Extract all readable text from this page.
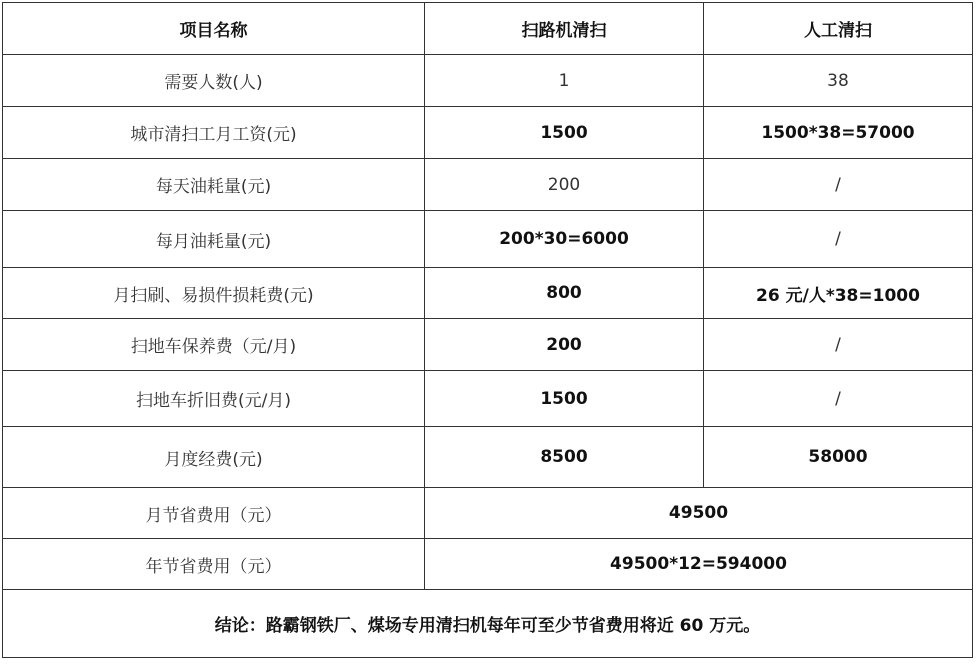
项目名称	扫路机清扫	人工清扫
需要人数(人)	1	38
城市清扫工月工资(元)	1500	1500*38=57000
每天油耗量(元)	200	/
每月油耗量(元)	200*30=6000	/
月扫刷、易损件损耗费(元)	800	26 元/人*38=1000
扫地车保养费（元/月)	200	/
扫地车折旧费(元/月)	1500	/
月度经费(元)	8500	58000
月节省费用（元）	49500	
年节省费用（元）	49500*12=594000	
结论：路霸钢铁厂、煤场专用清扫机每年可至少节省费用将近 60 万元。		
